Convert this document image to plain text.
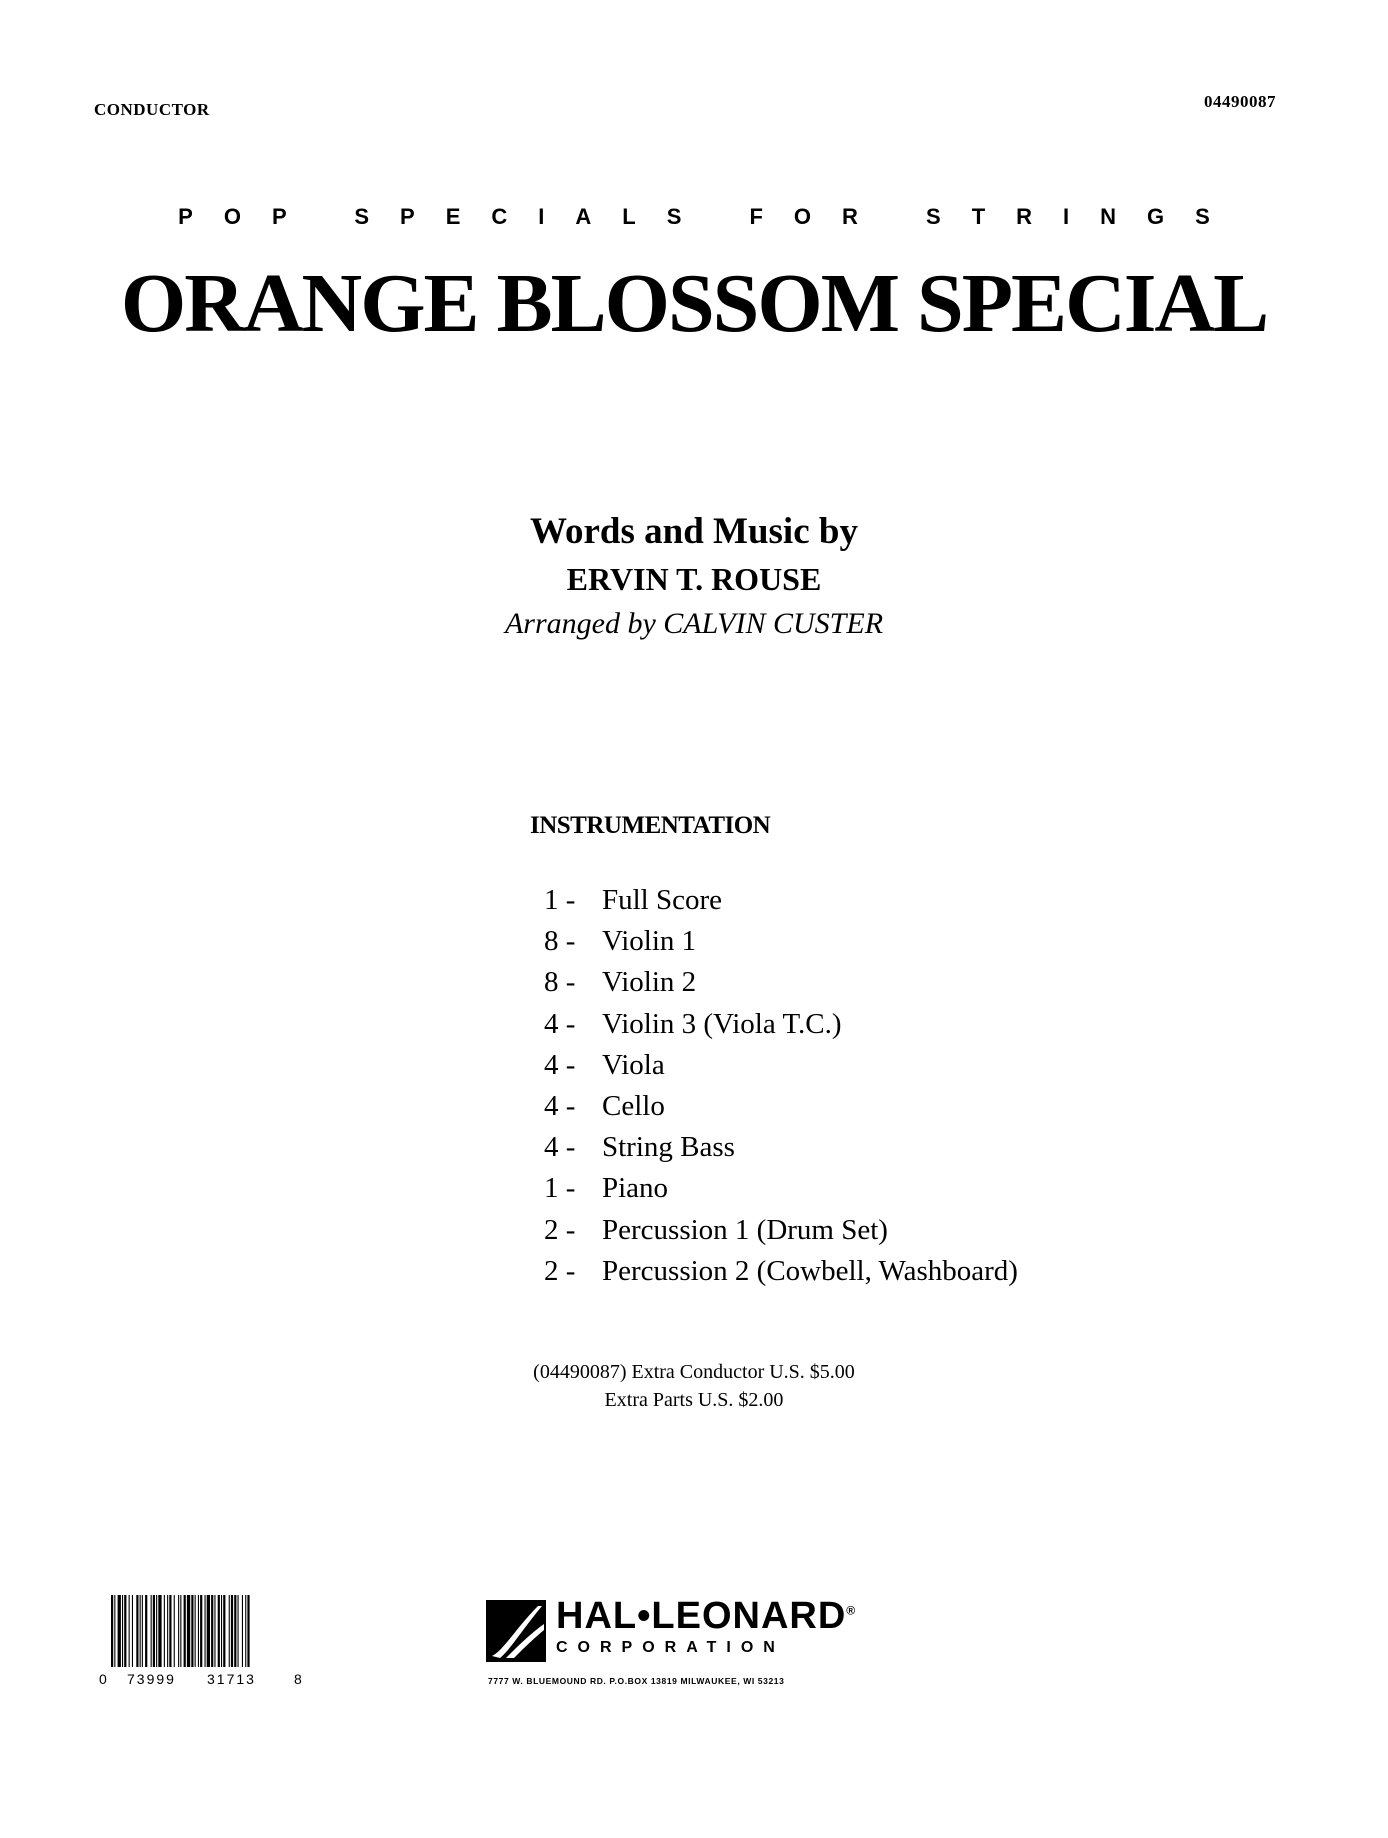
CONDUCTOR	04490087
POP SPECIALS FOR STRINGS
ORANGE BLOSSOM SPECIAL
Words and Music by
ERVIN T. ROUSE
Arranged by CALVIN CUSTER
INSTRUMENTATION
1 - Full Score
8 - Violin 1
8 - Violin 2
4 - Violin 3 (Viola T.C.)
4 - Viola
4 - Cello
4 - String Bass
1 - Piano
2 - Percussion 1 (Drum Set)
2 - Percussion 2 (Cowbell, Washboard)
(04490087) Extra Conductor U.S. $5.00
Extra Parts U.S. $2.00
0 73999 31713	8
HAL•LEONARD®
CORPORATION
7777 W. BLUEMOUND RD. P.O.BOX 13819 MILWAUKEE, WI 53213
